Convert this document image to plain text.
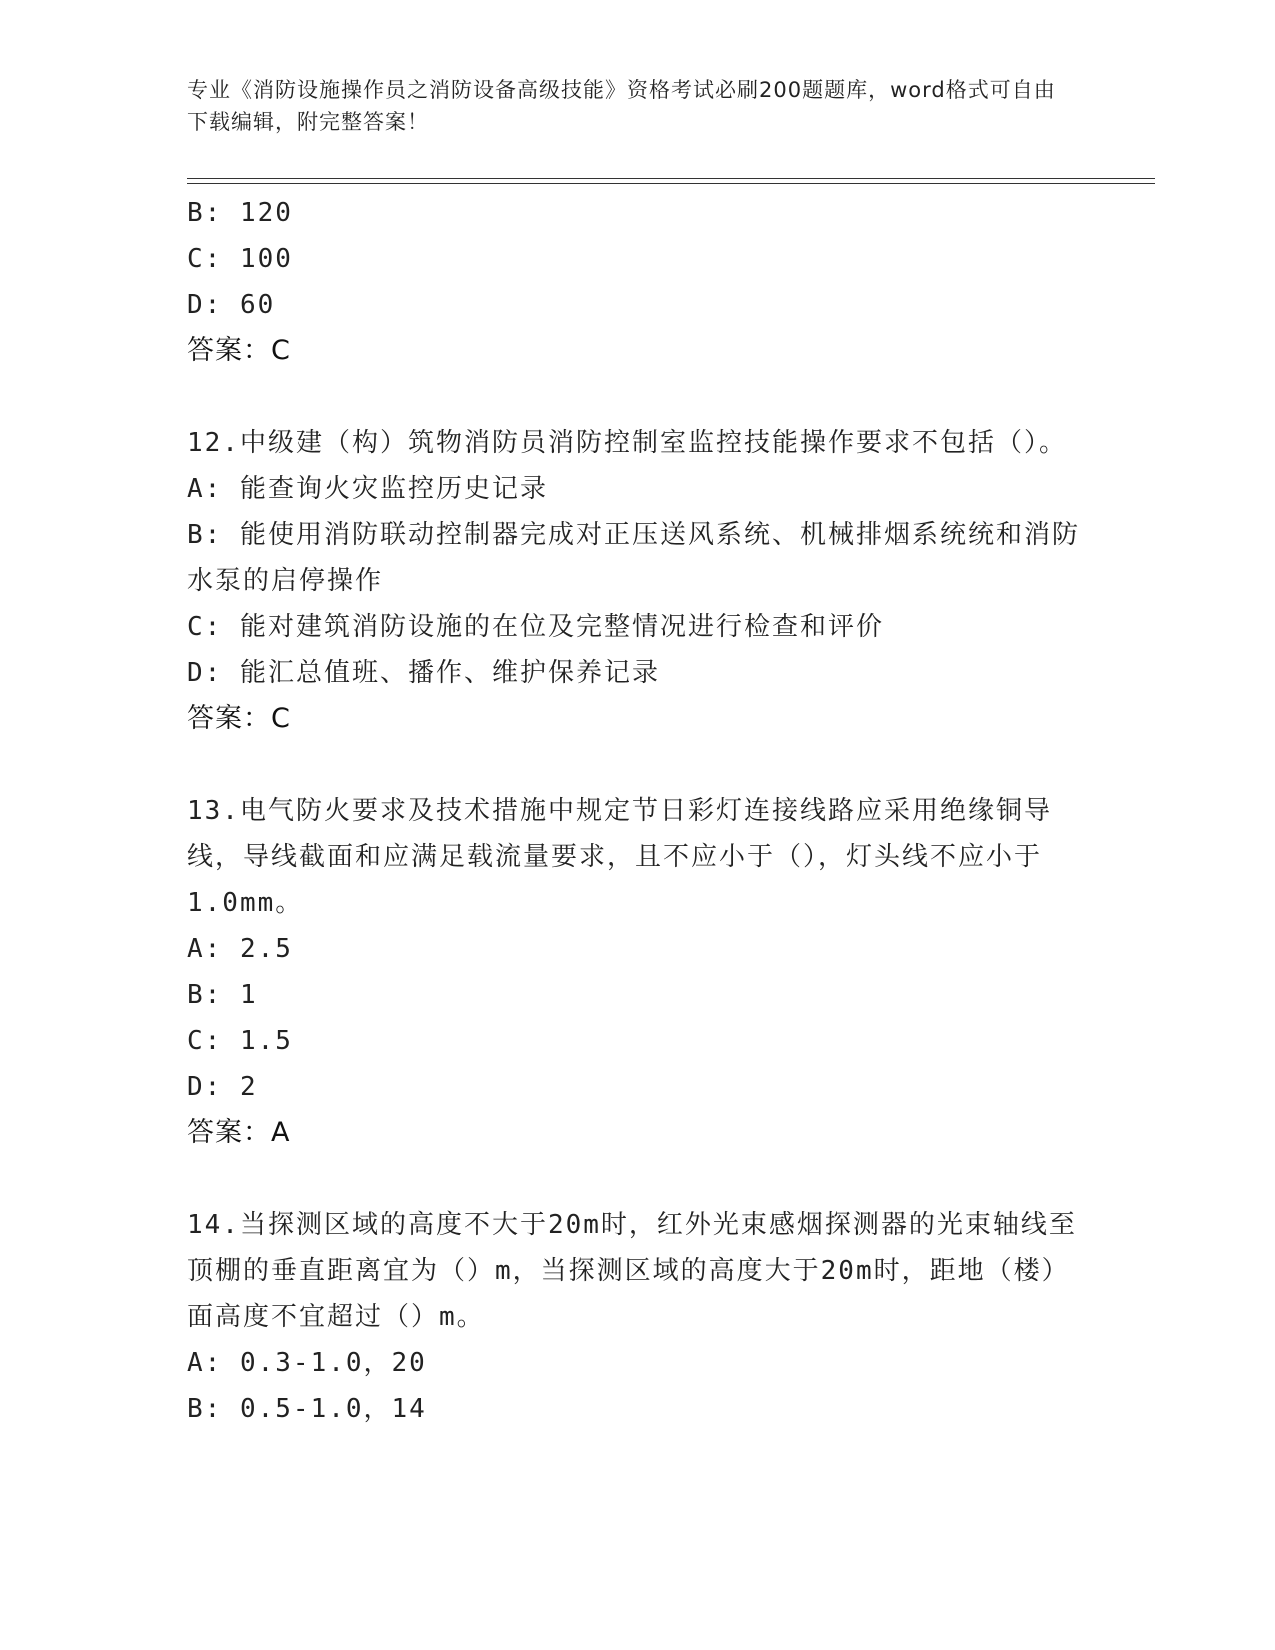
专业《消防设施操作员之消防设备高级技能》资格考试必刷200题题库，word格式可自由下载编辑，附完整答案！
B: 120
C: 100
D: 60
答案：C
12.中级建（构）筑物消防员消防控制室监控技能操作要求不包括（）。
A: 能查询火灾监控历史记录
B: 能使用消防联动控制器完成对正压送风系统、机械排烟系统统和消防水泵的启停操作
C: 能对建筑消防设施的在位及完整情况进行检查和评价
D: 能汇总值班、播作、维护保养记录
答案：C
13.电气防火要求及技术措施中规定节日彩灯连接线路应采用绝缘铜导线，导线截面和应满足载流量要求，且不应小于（），灯头线不应小于1.0mm。
A: 2.5
B: 1
C: 1.5
D: 2
答案：A
14.当探测区域的高度不大于20m时，红外光束感烟探测器的光束轴线至顶棚的垂直距离宜为（）m，当探测区域的高度大于20m时，距地（楼）面高度不宜超过（）m。
A: 0.3-1.0，20
B: 0.5-1.0，14
